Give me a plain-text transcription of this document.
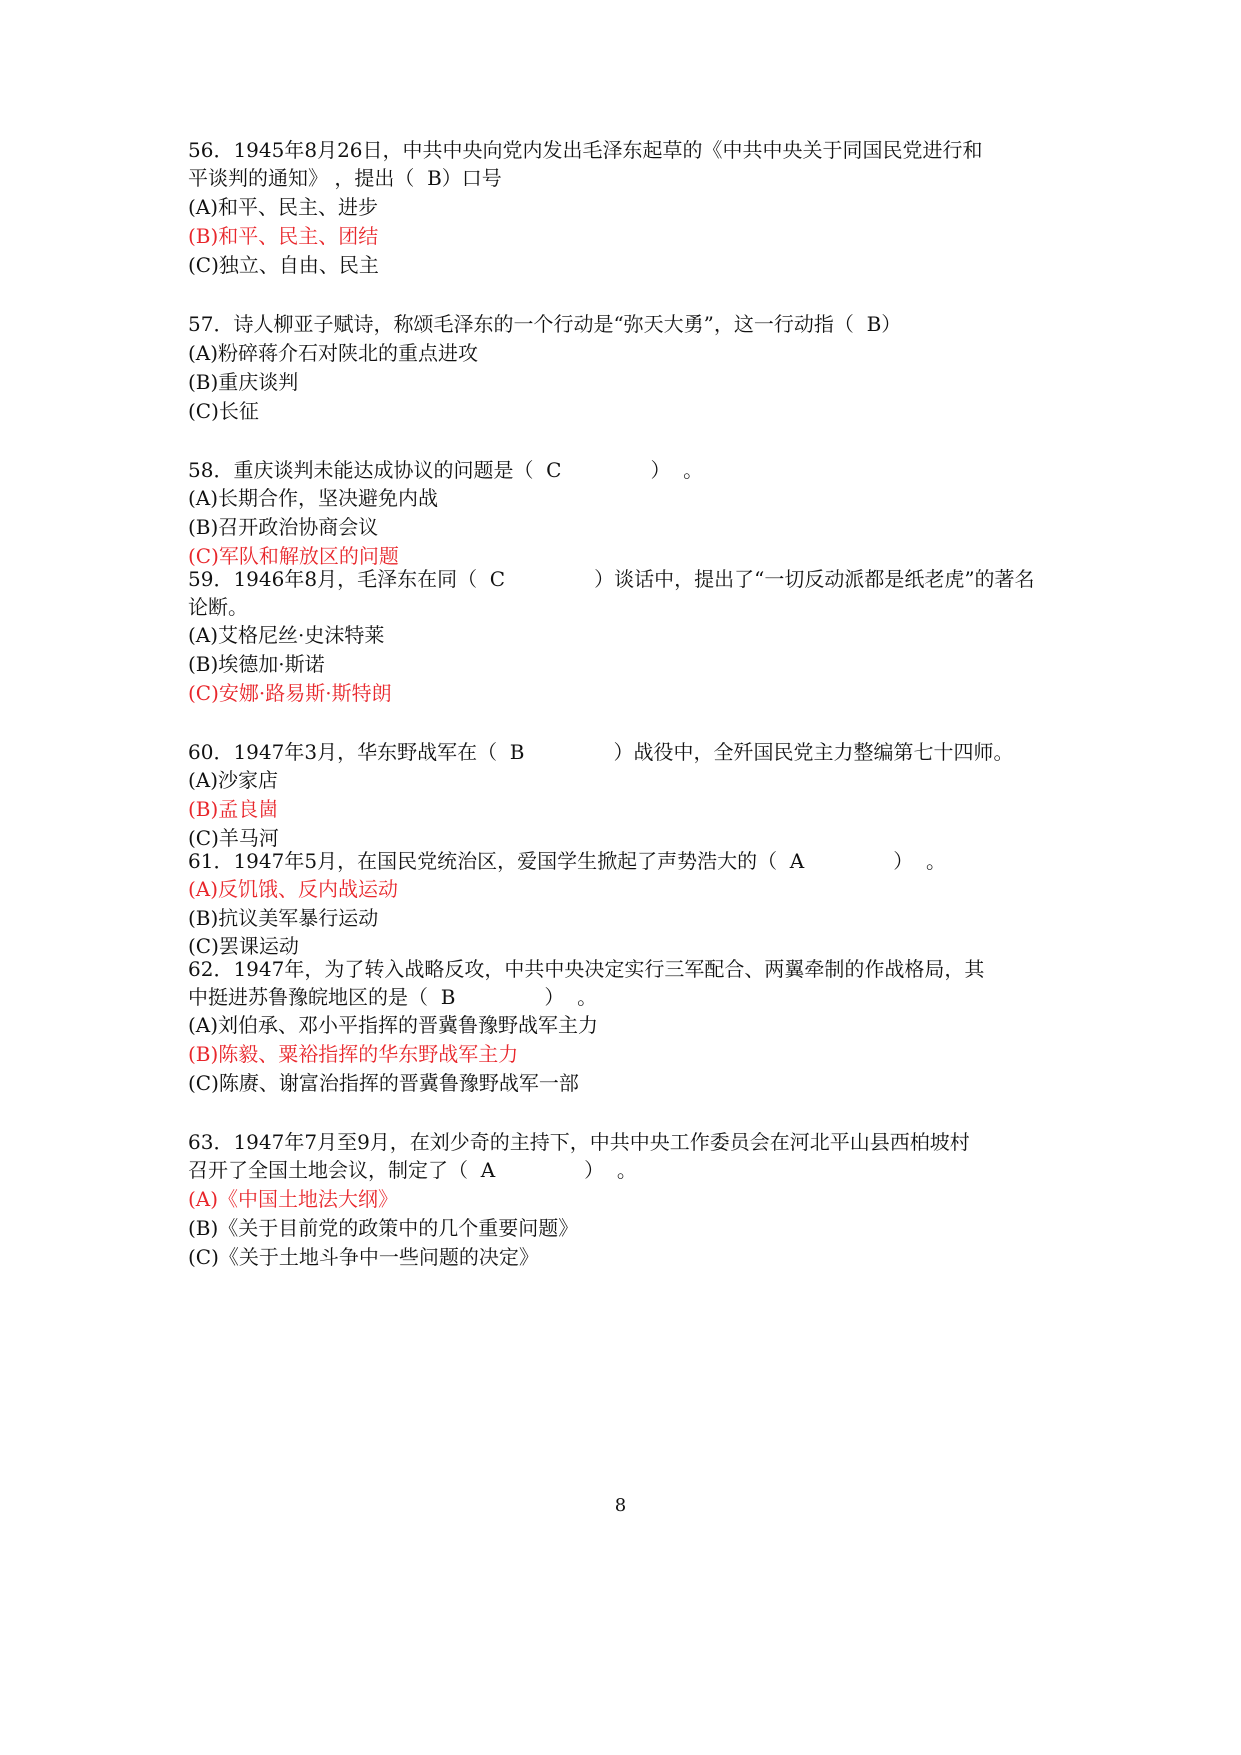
56．1945年8月26日，中共中央向党内发出毛泽东起草的《中共中央关于同国民党进行和

平谈判的通知》 ，提出（  B）口号

(A)和平、民主、进步

(B)和平、民主、团结

(C)独立、自由、民主

57．诗人柳亚子赋诗，称颂毛泽东的一个行动是“弥天大勇”，这一行动指（  B）

(A)粉碎蒋介石对陕北的重点进攻

(B)重庆谈判

(C)长征

58．重庆谈判未能达成协议的问题是（  C              ）  。

(A)长期合作，坚决避免内战

(B)召开政治协商会议

(C)军队和解放区的问题

59．1946年8月，毛泽东在同（  C              ）谈话中，提出了“一切反动派都是纸老虎”的著名

论断。

(A)艾格尼丝·史沫特莱

(B)埃德加·斯诺

(C)安娜·路易斯·斯特朗

60．1947年3月，华东野战军在（  B              ）战役中，全歼国民党主力整编第七十四师。

(A)沙家店

(B)孟良崮

(C)羊马河

61．1947年5月，在国民党统治区，爱国学生掀起了声势浩大的（  A              ）  。

(A)反饥饿、反内战运动

(B)抗议美军暴行运动

(C)罢课运动

62．1947年，为了转入战略反攻，中共中央决定实行三军配合、两翼牵制的作战格局，其

中挺进苏鲁豫皖地区的是（  B              ）  。

(A)刘伯承、邓小平指挥的晋冀鲁豫野战军主力

(B)陈毅、粟裕指挥的华东野战军主力

(C)陈赓、谢富治指挥的晋冀鲁豫野战军一部

63．1947年7月至9月，在刘少奇的主持下，中共中央工作委员会在河北平山县西柏坡村

召开了全国土地会议，制定了（  A              ）  。

(A)《中国土地法大纲》

(B)《关于目前党的政策中的几个重要问题》

(C)《关于土地斗争中一些问题的决定》

8
